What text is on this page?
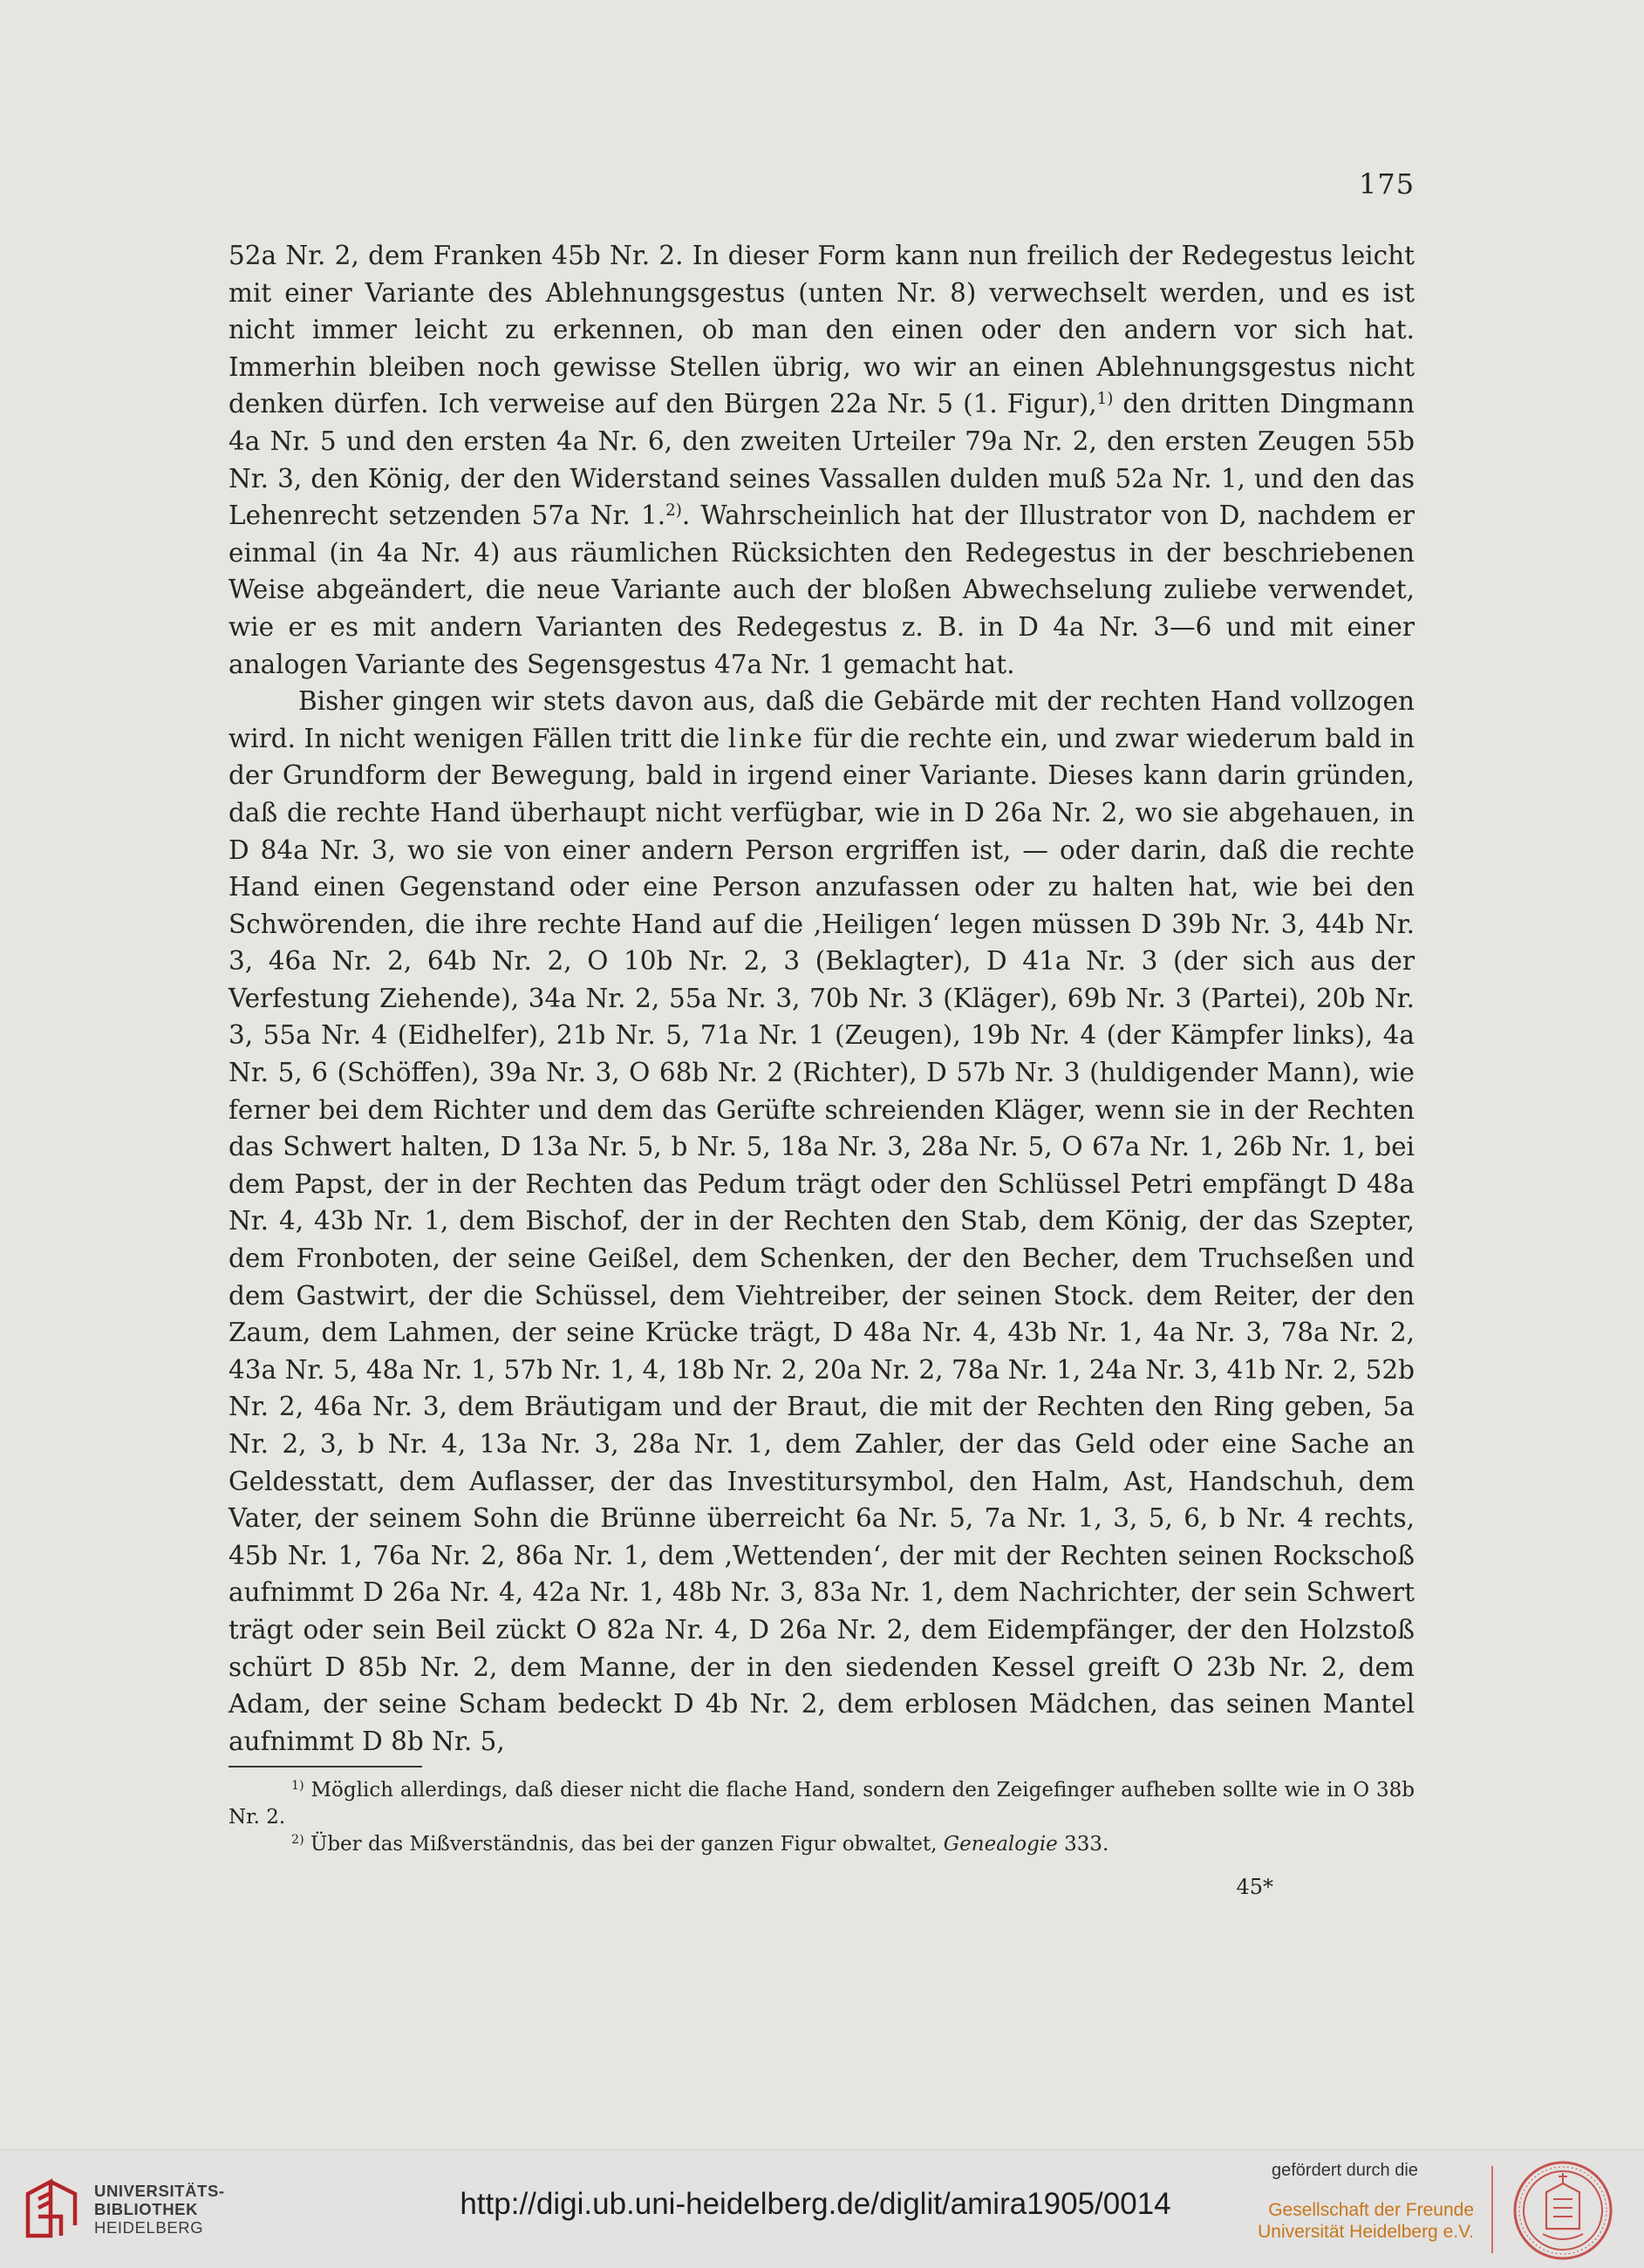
175

52a Nr. 2, dem Franken 45b Nr. 2. In dieser Form kann nun freilich der Redegestus leicht mit einer Variante des Ablehnungsgestus (unten Nr. 8) verwechselt werden, und es ist nicht immer leicht zu erkennen, ob man den einen oder den andern vor sich hat. Immerhin bleiben noch gewisse Stellen übrig, wo wir an einen Ablehnungsgestus nicht denken dürfen. Ich verweise auf den Bürgen 22a Nr. 5 (1. Figur),$^{1)}$ den dritten Dingmann 4a Nr. 5 und den ersten 4a Nr. 6, den zweiten Urteiler 79a Nr. 2, den ersten Zeugen 55b Nr. 3, den König, der den Widerstand seines Vassallen dulden muß 52a Nr. 1, und den das Lehenrecht setzenden 57a Nr. 1.$^{2)}$. Wahrscheinlich hat der Illustrator von D, nachdem er einmal (in 4a Nr. 4) aus räumlichen Rücksichten den Redegestus in der beschriebenen Weise abgeändert, die neue Variante auch der bloßen Abwechselung zuliebe verwendet, wie er es mit andern Varianten des Redegestus z. B. in D 4a Nr. 3—6 und mit einer analogen Variante des Segensgestus 47a Nr. 1 gemacht hat.

Bisher gingen wir stets davon aus, daß die Gebärde mit der rechten Hand vollzogen wird. In nicht wenigen Fällen tritt die linke für die rechte ein, und zwar wiederum bald in der Grundform der Bewegung, bald in irgend einer Variante. Dieses kann darin gründen, daß die rechte Hand überhaupt nicht verfügbar, wie in D 26a Nr. 2, wo sie abgehauen, in D 84a Nr. 3, wo sie von einer andern Person ergriffen ist, — oder darin, daß die rechte Hand einen Gegenstand oder eine Person anzufassen oder zu halten hat, wie bei den Schwörenden, die ihre rechte Hand auf die ‚Heiligen‘ legen müssen D 39b Nr. 3, 44b Nr. 3, 46a Nr. 2, 64b Nr. 2, O 10b Nr. 2, 3 (Beklagter), D 41a Nr. 3 (der sich aus der Verfestung Ziehende), 34a Nr. 2, 55a Nr. 3, 70b Nr. 3 (Kläger), 69b Nr. 3 (Partei), 20b Nr. 3, 55a Nr. 4 (Eidhelfer), 21b Nr. 5, 71a Nr. 1 (Zeugen), 19b Nr. 4 (der Kämpfer links), 4a Nr. 5, 6 (Schöffen), 39a Nr. 3, O 68b Nr. 2 (Richter), D 57b Nr. 3 (huldigender Mann), wie ferner bei dem Richter und dem das Gerüfte schreienden Kläger, wenn sie in der Rechten das Schwert halten, D 13a Nr. 5, b Nr. 5, 18a Nr. 3, 28a Nr. 5, O 67a Nr. 1, 26b Nr. 1, bei dem Papst, der in der Rechten das Pedum trägt oder den Schlüssel Petri empfängt D 48a Nr. 4, 43b Nr. 1, dem Bischof, der in der Rechten den Stab, dem König, der das Szepter, dem Fronboten, der seine Geißel, dem Schenken, der den Becher, dem Truchseßen und dem Gastwirt, der die Schüssel, dem Viehtreiber, der seinen Stock. dem Reiter, der den Zaum, dem Lahmen, der seine Krücke trägt, D 48a Nr. 4, 43b Nr. 1, 4a Nr. 3, 78a Nr. 2, 43a Nr. 5, 48a Nr. 1, 57b Nr. 1, 4, 18b Nr. 2, 20a Nr. 2, 78a Nr. 1, 24a Nr. 3, 41b Nr. 2, 52b Nr. 2, 46a Nr. 3, dem Bräutigam und der Braut, die mit der Rechten den Ring geben, 5a Nr. 2, 3, b Nr. 4, 13a Nr. 3, 28a Nr. 1, dem Zahler, der das Geld oder eine Sache an Geldesstatt, dem Auflasser, der das Investitursymbol, den Halm, Ast, Handschuh, dem Vater, der seinem Sohn die Brünne überreicht 6a Nr. 5, 7a Nr. 1, 3, 5, 6, b Nr. 4 rechts, 45b Nr. 1, 76a Nr. 2, 86a Nr. 1, dem ‚Wettenden‘, der mit der Rechten seinen Rockschoß aufnimmt D 26a Nr. 4, 42a Nr. 1, 48b Nr. 3, 83a Nr. 1, dem Nachrichter, der sein Schwert trägt oder sein Beil zückt O 82a Nr. 4, D 26a Nr. 2, dem Eidempfänger, der den Holzstoß schürt D 85b Nr. 2, dem Manne, der in den siedenden Kessel greift O 23b Nr. 2, dem Adam, der seine Scham bedeckt D 4b Nr. 2, dem erblosen Mädchen, das seinen Mantel aufnimmt D 8b Nr. 5,

$^{1)}$ Möglich allerdings, daß dieser nicht die flache Hand, sondern den Zeigefinger aufheben sollte wie in O 38b Nr. 2.

$^{2)}$ Über das Mißverständnis, das bei der ganzen Figur obwaltet, Genealogie 333.

45*
UNIVERSITÄTS-
BIBLIOTHEK
HEIDELBERG
http://digi.ub.uni-heidelberg.de/diglit/amira1905/0014
gefördert durch die
Gesellschaft der Freunde
Universität Heidelberg e.V.
